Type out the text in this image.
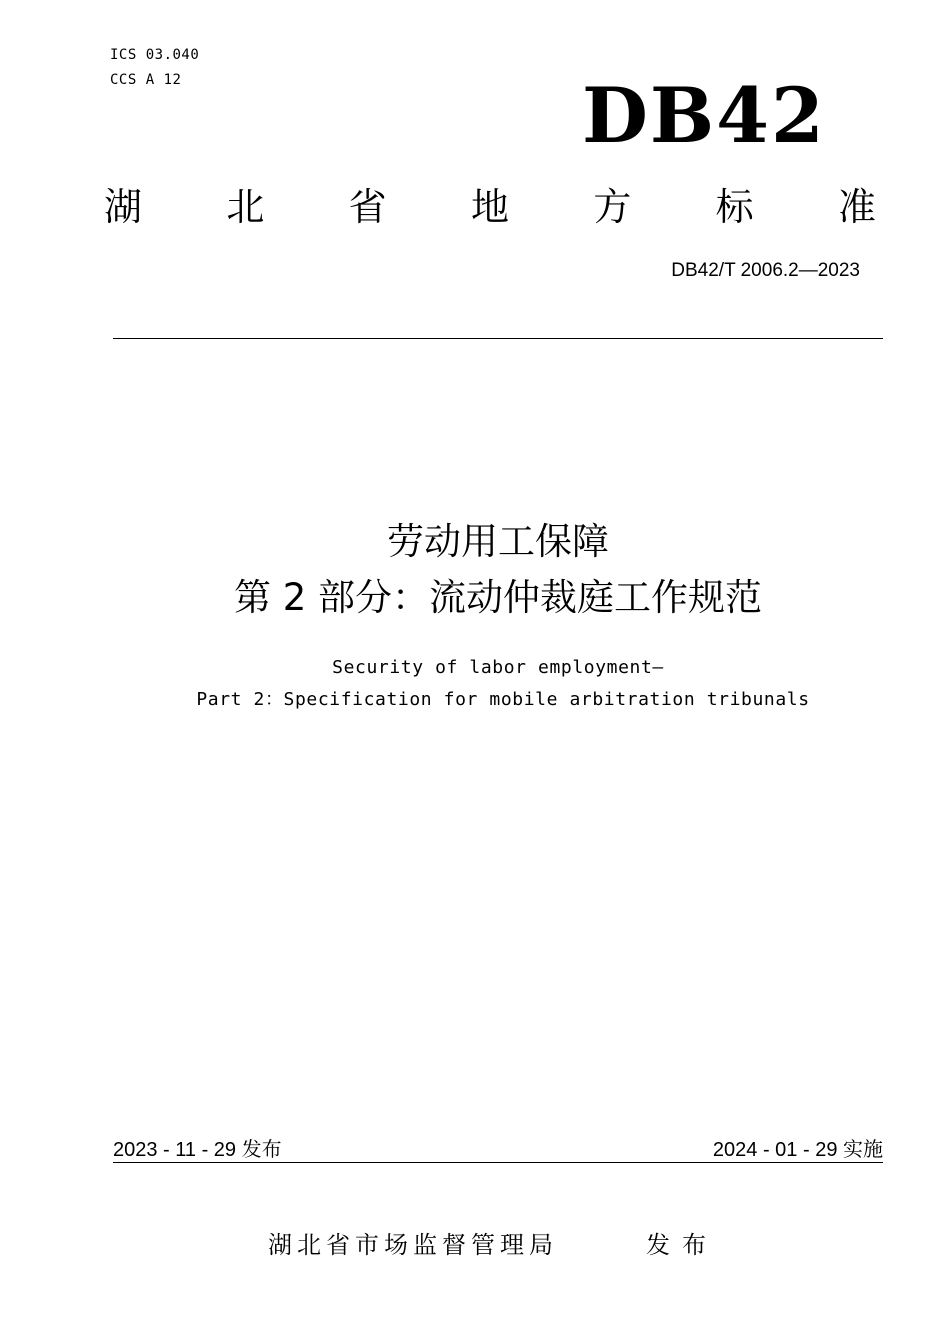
ICS 03.040
CCS A 12	DB42
湖 北 省 地 方 标 准
DB42/T 2006.2—2023
劳动用工保障
第 2 部分：流动仲裁庭工作规范
Security of labor employment—
Part 2：Specification for mobile arbitration tribunals
2023 - 11 - 29 发布	2024 - 01 - 29 实施
湖北省市场监督管理局	发布
